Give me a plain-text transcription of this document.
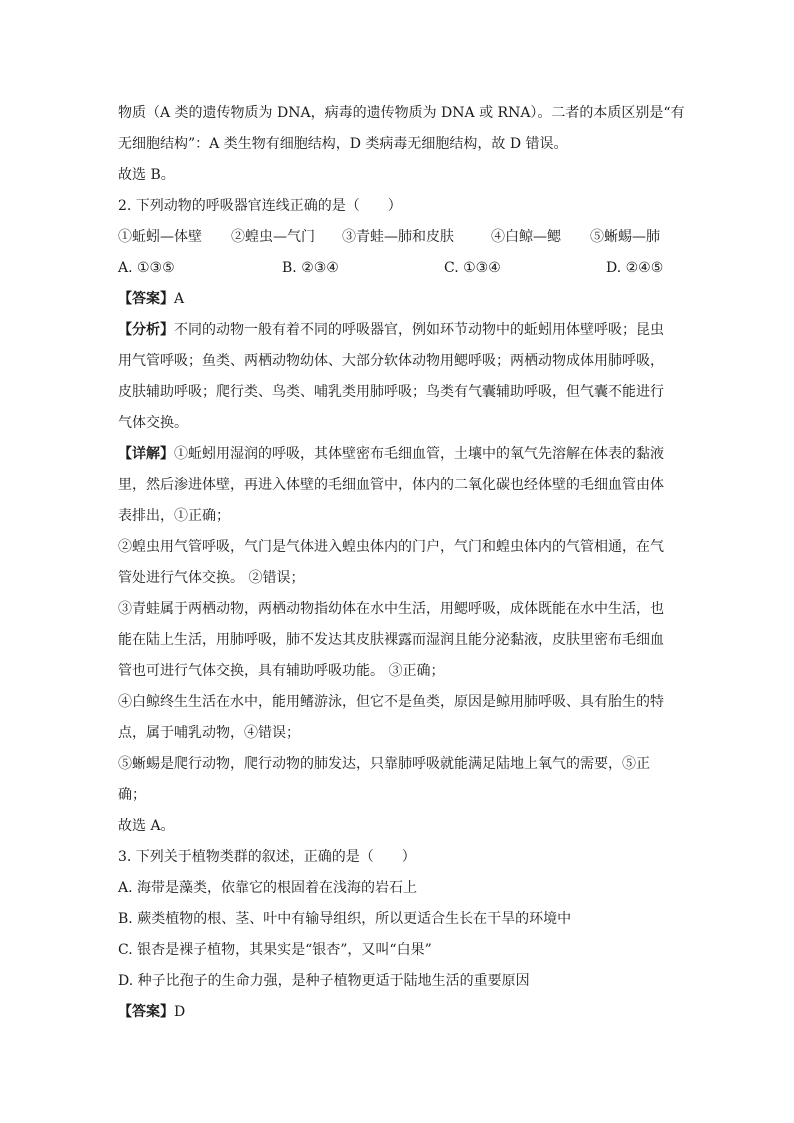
物质（A 类的遗传物质为 DNA，病毒的遗传物质为 DNA 或 RNA）。二者的本质区别是“有
无细胞结构”：A 类生物有细胞结构，D 类病毒无细胞结构，故 D 错误。
故选 B。
2. 下列动物的呼吸器官连线正确的是（　　）
①蚯蚓—体壁	②蝗虫—气门	③青蛙—肺和皮肤	④白鲸—鳃	⑤蜥蜴—肺
A. ①③⑤	B. ②③④	C. ①③④	D. ②④⑤
【答案】A
【分析】不同的动物一般有着不同的呼吸器官，例如环节动物中的蚯蚓用体壁呼吸；昆虫
用气管呼吸；鱼类、两栖动物幼体、大部分软体动物用鳃呼吸；两栖动物成体用肺呼吸，
皮肤辅助呼吸；爬行类、鸟类、哺乳类用肺呼吸；鸟类有气囊辅助呼吸，但气囊不能进行
气体交换。
【详解】①蚯蚓用湿润的呼吸，其体壁密布毛细血管，土壤中的氧气先溶解在体表的黏液
里，然后渗进体壁，再进入体壁的毛细血管中，体内的二氧化碳也经体壁的毛细血管由体
表排出，①正确；
②蝗虫用气管呼吸，气门是气体进入蝗虫体内的门户，气门和蝗虫体内的气管相通，在气
管处进行气体交换。 ②错误；
③青蛙属于两栖动物，两栖动物指幼体在水中生活，用鳃呼吸，成体既能在水中生活，也
能在陆上生活，用肺呼吸，肺不发达其皮肤裸露而湿润且能分泌黏液，皮肤里密布毛细血
管也可进行气体交换，具有辅助呼吸功能。 ③正确；
④白鲸终生生活在水中，能用鳍游泳，但它不是鱼类，原因是鲸用肺呼吸、具有胎生的特
点，属于哺乳动物，④错误；
⑤蜥蜴是爬行动物，爬行动物的肺发达，只靠肺呼吸就能满足陆地上氧气的需要，⑤正
确；
故选 A。
3. 下列关于植物类群的叙述，正确的是（　　）
A. 海带是藻类，依靠它的根固着在浅海的岩石上
B. 蕨类植物的根、茎、叶中有输导组织，所以更适合生长在干旱的环境中
C. 银杏是裸子植物，其果实是“银杏”，又叫“白果”
D. 种子比孢子的生命力强，是种子植物更适于陆地生活的重要原因
【答案】D
